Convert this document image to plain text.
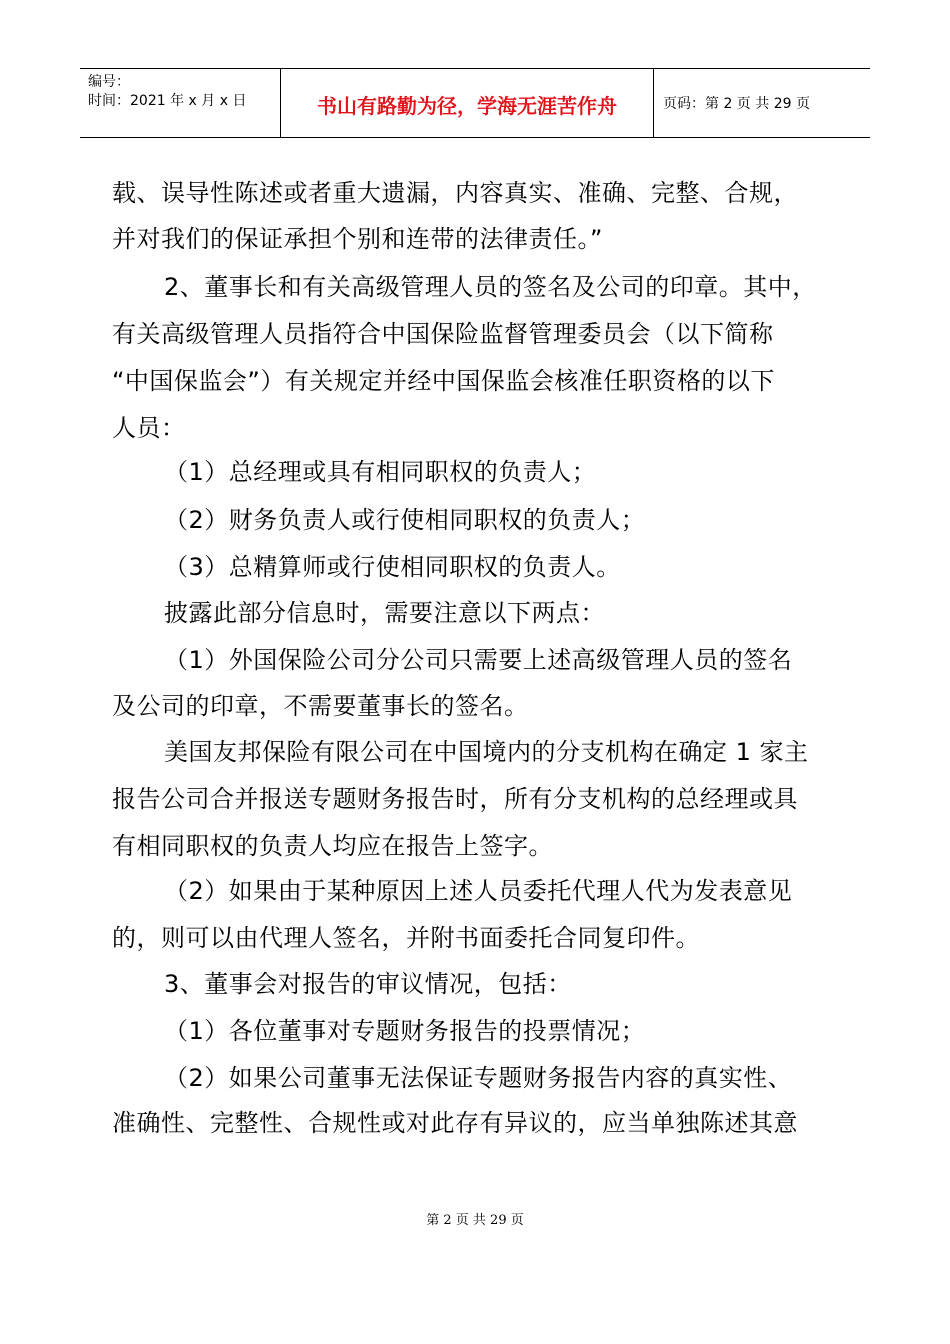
编号：
时间：2021 年 x 月 x 日	书山有路勤为径，学海无涯苦作舟	页码：第 2 页 共 29 页
载、误导性陈述或者重大遗漏，内容真实、准确、完整、合规，
并对我们的保证承担个别和连带的法律责任。”
2、董事长和有关高级管理人员的签名及公司的印章。其中，
有关高级管理人员指符合中国保险监督管理委员会（以下简称
“中国保监会”）有关规定并经中国保监会核准任职资格的以下
人员：
（1）总经理或具有相同职权的负责人；
（2）财务负责人或行使相同职权的负责人；
（3）总精算师或行使相同职权的负责人。
披露此部分信息时，需要注意以下两点：
（1）外国保险公司分公司只需要上述高级管理人员的签名
及公司的印章，不需要董事长的签名。
美国友邦保险有限公司在中国境内的分支机构在确定 1 家主
报告公司合并报送专题财务报告时，所有分支机构的总经理或具
有相同职权的负责人均应在报告上签字。
（2）如果由于某种原因上述人员委托代理人代为发表意见
的，则可以由代理人签名，并附书面委托合同复印件。
3、董事会对报告的审议情况，包括：
（1）各位董事对专题财务报告的投票情况；
（2）如果公司董事无法保证专题财务报告内容的真实性、
准确性、完整性、合规性或对此存有异议的，应当单独陈述其意
第 2 页 共 29 页
